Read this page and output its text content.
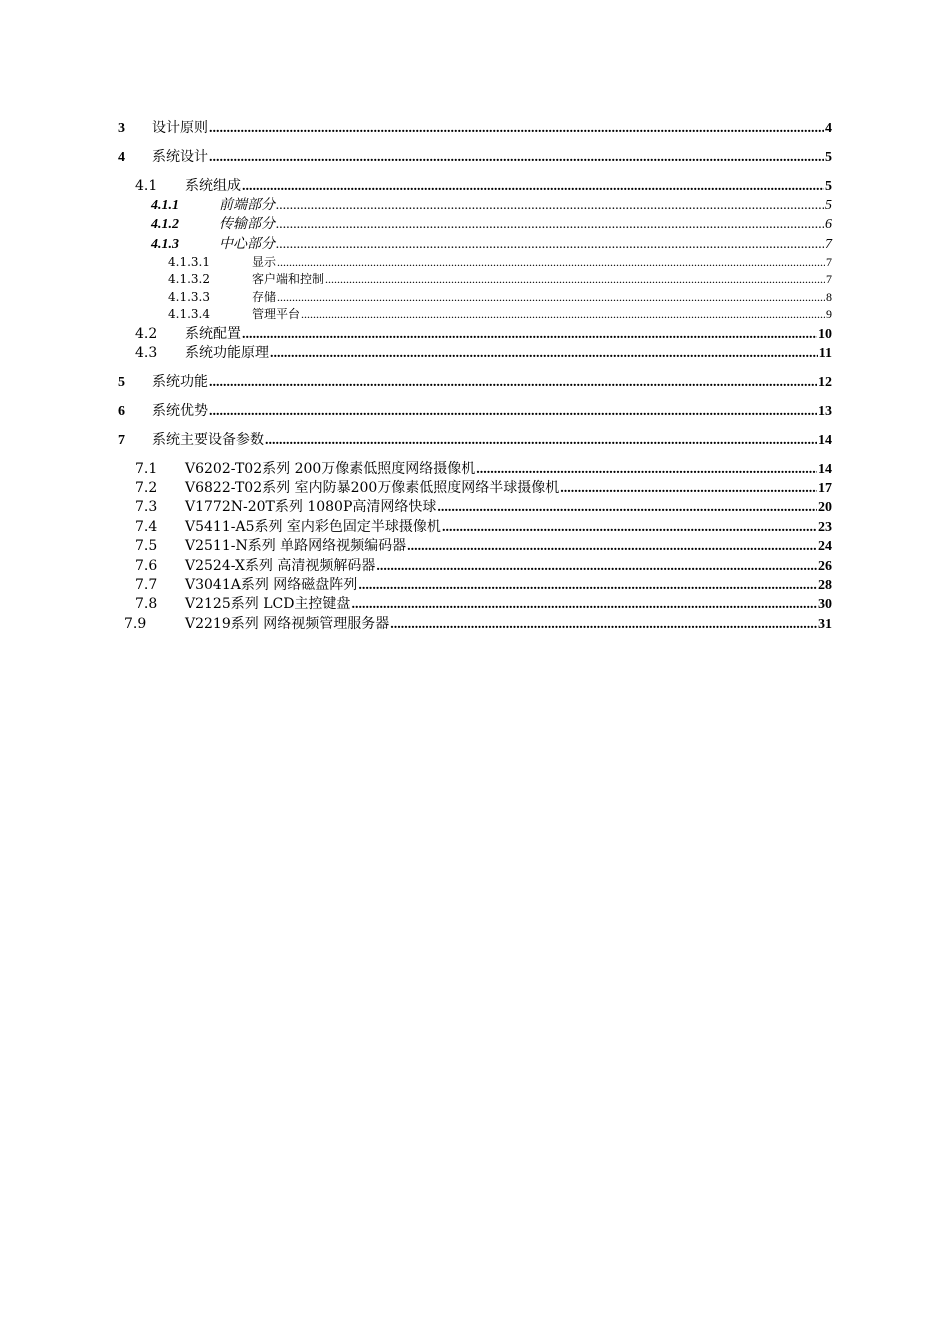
3	设计原则 .....	4
4	系统设计 .....	5
4.1	系统组成 .....	5
4.1.1	前端部分 .....	5
4.1.2	传输部分 .....	6
4.1.3	中心部分 .....	7
4.1.3.1	显示 .....	7
4.1.3.2	客户端和控制 .....	7
4.1.3.3	存储 .....	8
4.1.3.4	管理平台 .....	9
4.2	系统配置 .....	10
4.3	系统功能原理 .....	11
5	系统功能 .....	12
6	系统优势 .....	13
7	系统主要设备参数 .....	14
7.1	V6202-T02系列 200万像素低照度网络摄像机 .....	14
7.2	V6822-T02系列 室内防暴200万像素低照度网络半球摄像机 .....	17
7.3	V1772N-20T系列 1080P高清网络快球 .....	20
7.4	V5411-A5系列 室内彩色固定半球摄像机 .....	23
7.5	V2511-N系列 单路网络视频编码器 .....	24
7.6	V2524-X系列 高清视频解码器 .....	26
7.7	V3041A系列 网络磁盘阵列 .....	28
7.8	V2125系列 LCD主控键盘 .....	30
7.9	V2219系列 网络视频管理服务器 .....	31
